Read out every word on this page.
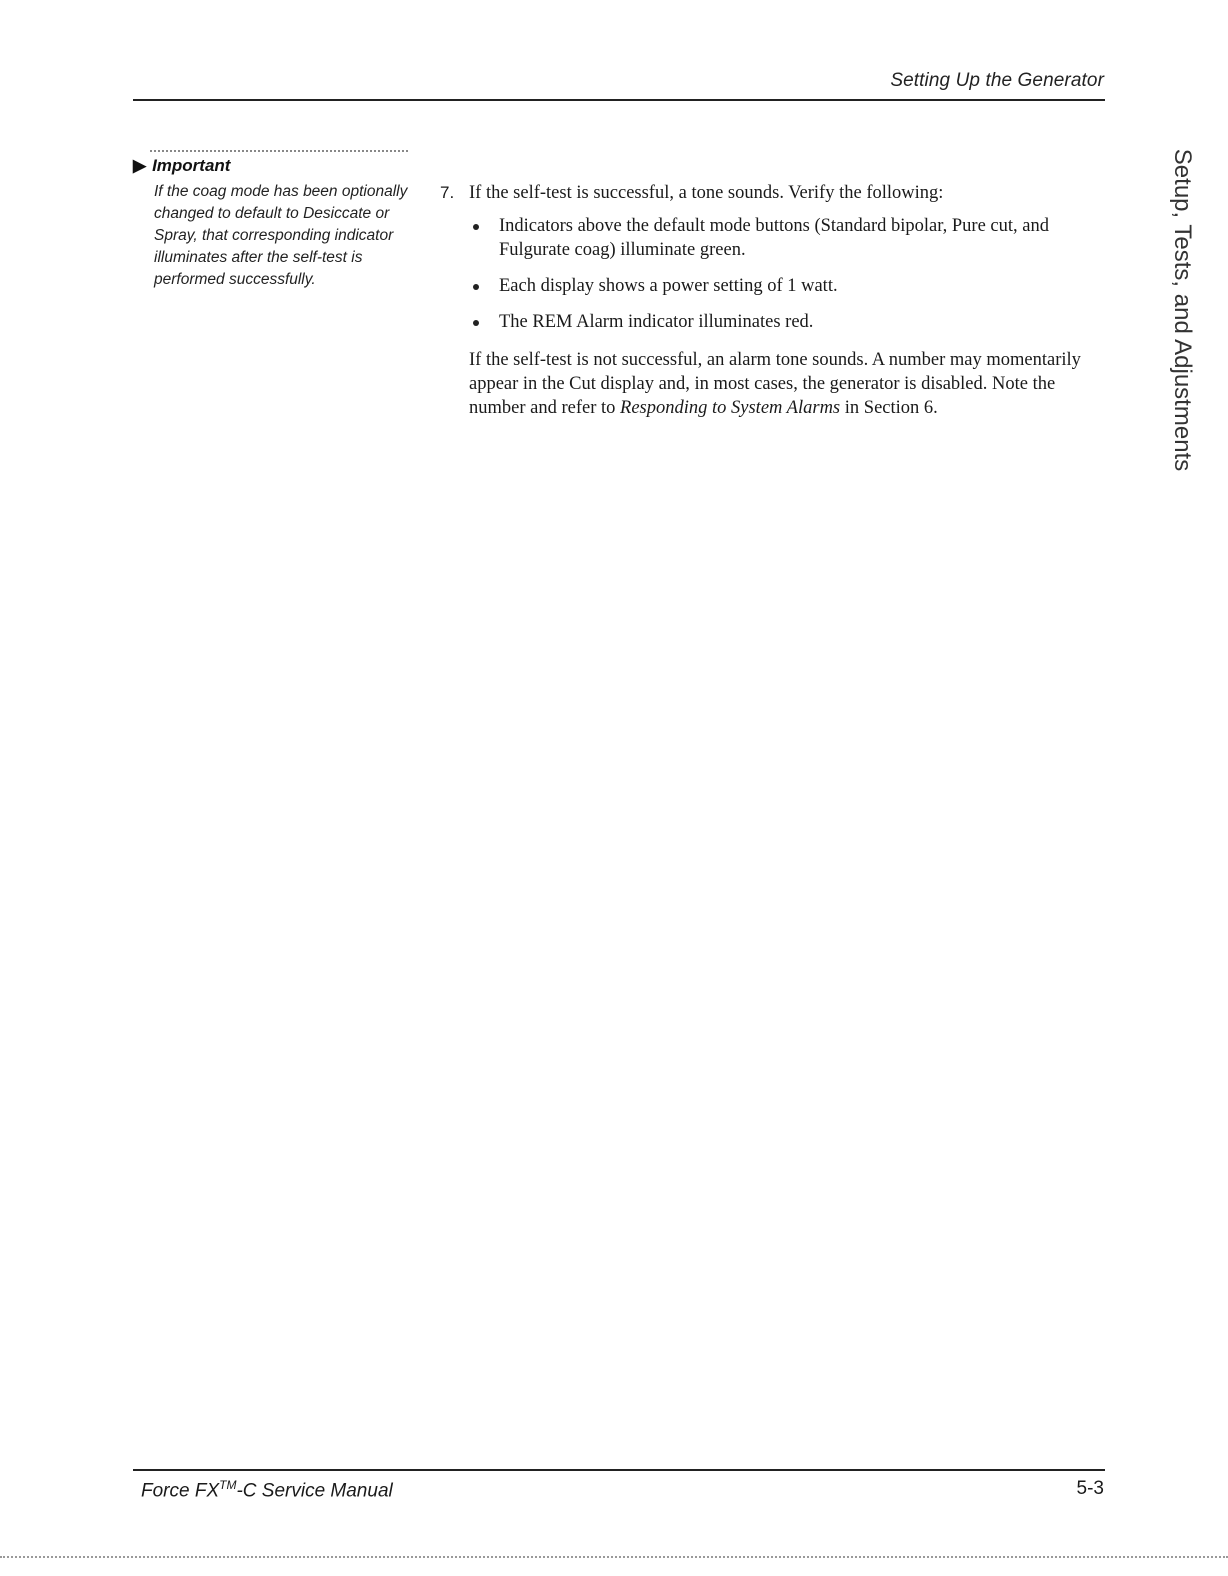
Setting Up the Generator
▶ Important
If the coag mode has been optionally changed to default to Desiccate or Spray, that corresponding indicator illuminates after the self-test is performed successfully.
7. If the self-test is successful, a tone sounds. Verify the following:
Indicators above the default mode buttons (Standard bipolar, Pure cut, and Fulgurate coag) illuminate green.
Each display shows a power setting of 1 watt.
The REM Alarm indicator illuminates red.
If the self-test is not successful, an alarm tone sounds. A number may momentarily appear in the Cut display and, in most cases, the generator is disabled. Note the number and refer to Responding to System Alarms in Section 6.	Setup, Tests, and Adjustments
Force FX™-C Service Manual	5-3
